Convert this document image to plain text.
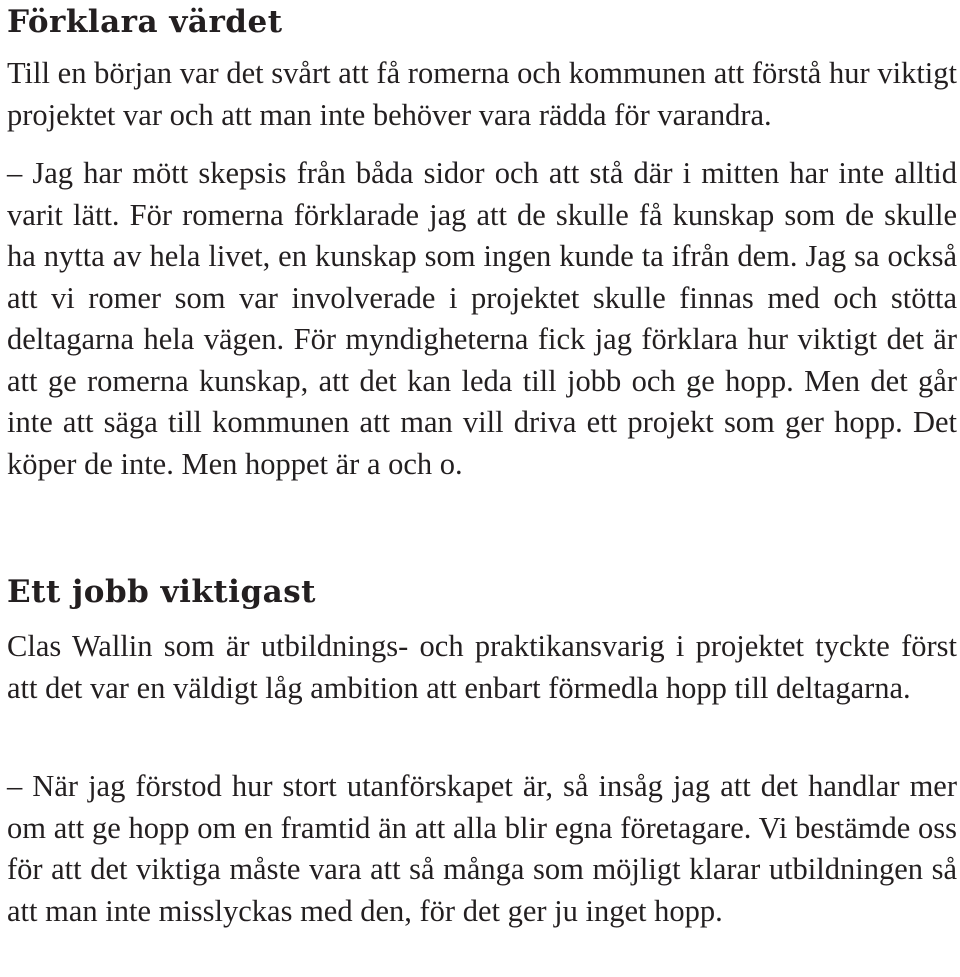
Förklara värdet

Till en början var det svårt att få romerna och kommunen att förstå hur viktigt projektet var och att man inte behöver vara rädda för varandra.

– Jag har mött skepsis från båda sidor och att stå där i mitten har inte alltid varit lätt. För romerna förklarade jag att de skulle få kunskap som de skulle ha nytta av hela livet, en kunskap som ingen kunde ta ifrån dem. Jag sa också att vi romer som var involverade i projektet skulle finnas med och stötta deltagarna hela vägen. För myndigheterna fick jag förklara hur viktigt det är att ge romerna kunskap, att det kan leda till jobb och ge hopp. Men det går inte att säga till kommunen att man vill driva ett projekt som ger hopp. Det köper de inte. Men hoppet är a och o.

Ett jobb viktigast

Clas Wallin som är utbildnings- och praktikansvarig i projektet tyckte först att det var en väldigt låg ambition att enbart förmedla hopp till deltagarna.

– När jag förstod hur stort utanförskapet är, så insåg jag att det handlar mer om att ge hopp om en framtid än att alla blir egna företagare. Vi bestämde oss för att det viktiga måste vara att så många som möjligt klarar utbildningen så att man inte misslyckas med den, för det ger ju inget hopp.
